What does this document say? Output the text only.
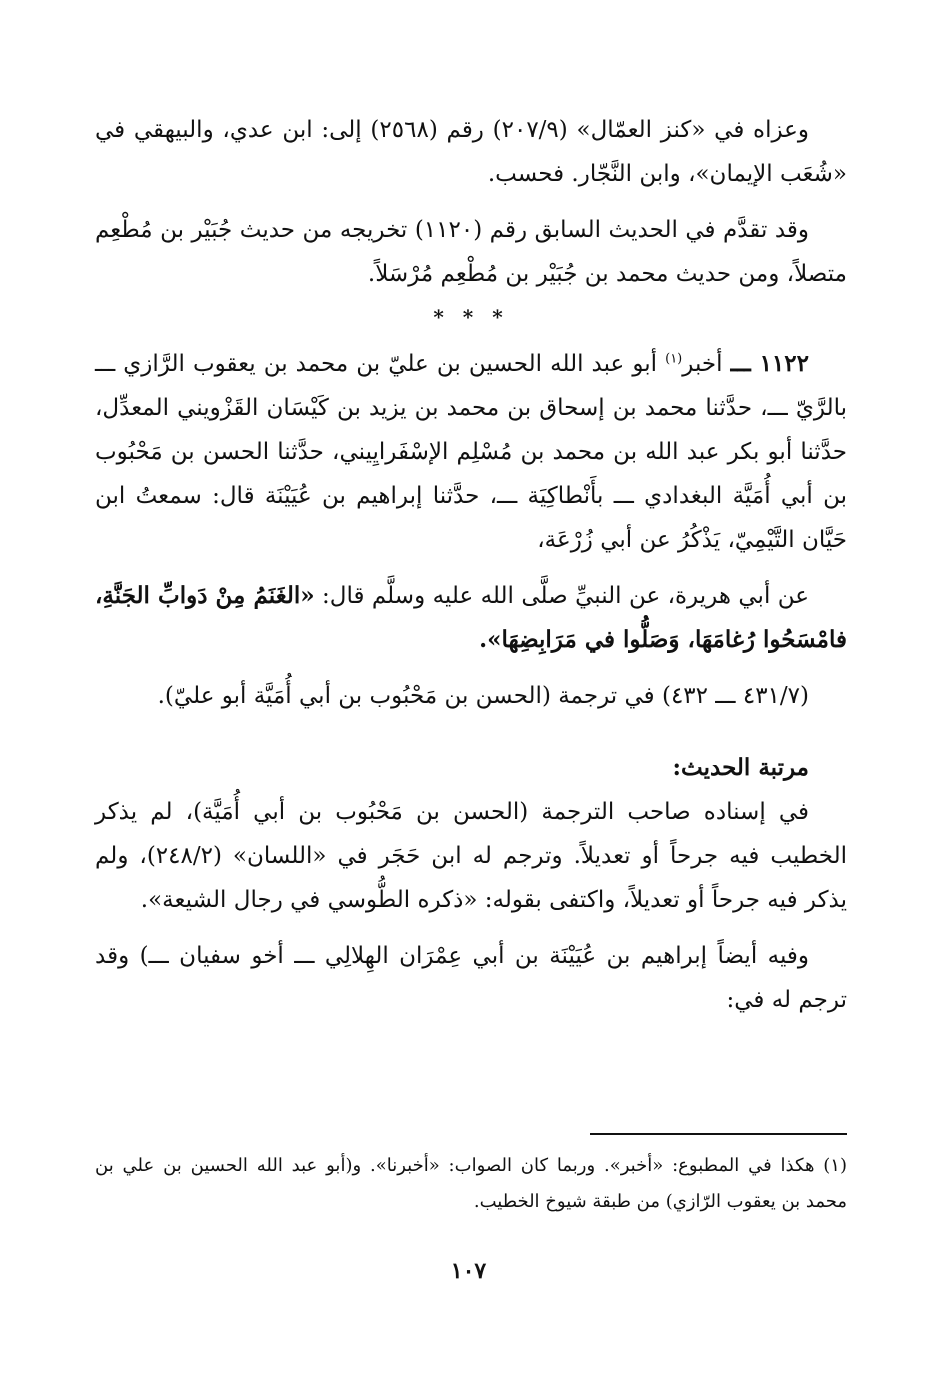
وعزاه في «كنز العمّال» (٢٠٧/٩) رقم (٢٥٦٨) إلى: ابن عدي، والبيهقي في «شُعَب الإيمان»، وابن النَّجّار. فحسب.

وقد تقدَّم في الحديث السابق رقم (١١٢٠) تخريجه من حديث جُبَيْر بن مُطْعِم متصلاً، ومن حديث محمد بن جُبَيْر بن مُطْعِم مُرْسَلاً.

* * *

١١٢٢ ـــ أخبر$^{(١)}$ أبو عبد الله الحسين بن عليّ بن محمد بن يعقوب الرَّازي ـــ بالرَّيّ ـــ، حدَّثنا محمد بن إسحاق بن محمد بن يزيد بن كَيْسَان القَزْويني المعدِّل، حدَّثنا أبو بكر عبد الله بن محمد بن مُسْلِم الإسْفَرايِيني، حدَّثنا الحسن بن مَحْبُوب بن أبي أُمَيَّة البغدادي ـــ بأَنْطاكِيَة ـــ، حدَّثنا إبراهيم بن عُيَيْنَة قال: سمعتُ ابن حَيَّان التَّيْمِيّ، يَذْكُرُ عن أبي زُرْعَة،

عن أبي هريرة، عن النبيِّ صلَّى الله عليه وسلَّم قال: «الغَنَمُ مِنْ دَوابِّ الجَنَّةِ، فامْسَحُوا رُغامَهَا، وَصَلُّوا في مَرَابِضِهَا».

(٤٣١/٧ ـــ ٤٣٢) في ترجمة (الحسن بن مَحْبُوب بن أبي أُمَيَّة أبو عليّ).

مرتبة الحديث:

في إسناده صاحب الترجمة (الحسن بن مَحْبُوب بن أبي أُمَيَّة)، لم يذكر الخطيب فيه جرحاً أو تعديلاً. وترجم له ابن حَجَر في «اللسان» (٢٤٨/٢)، ولم يذكر فيه جرحاً أو تعديلاً، واكتفى بقوله: «ذكره الطُّوسي في رجال الشيعة».

وفيه أيضاً إبراهيم بن عُيَيْنَة بن أبي عِمْرَان الهِلالِي ـــ أخو سفيان ـــ) وقد ترجم له في:

(١) هكذا في المطبوع: «أخبر». وربما كان الصواب: «أخبرنا». و(أبو عبد الله الحسين بن علي بن محمد بن يعقوب الرّازي) من طبقة شيوخ الخطيب.

١٠٧
